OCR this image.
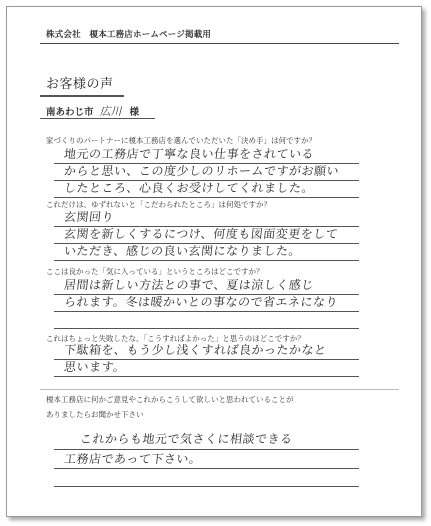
株式会社　榎本工務店ホームページ掲載用
お客様の声
南あわじ市 広川 様
家づくりのパートナーに榎本工務店を選んでいただいた「決め手」は何ですか？
地元の工務店で丁寧な良い仕事をされている
からと思い、この度少しのリホームですがお願い
したところ、心良くお受けしてくれました。
これだけは、ゆずれないと「こだわられたところ」は何処ですか？
玄関回り
玄関を新しくするにつけ、何度も図面変更をして
いただき、感じの良い玄関になりました。
ここは良かった「気に入っている」というところはどこですか？
居間は新しい方法との事で、夏は涼しく感じ
られます。冬は暖かいとの事なので省エネになり
これはちょっと失敗したな、「こうすればよかった」と思うのはどこですか？
下駄箱を、もう少し浅くすれば良かったかなと
思います。
榎本工務店に何かご意見やこれからこうして欲しいと思われていることが
ありましたらお聞かせ下さい
これからも地元で気さくに相談できる
工務店であって下さい。
